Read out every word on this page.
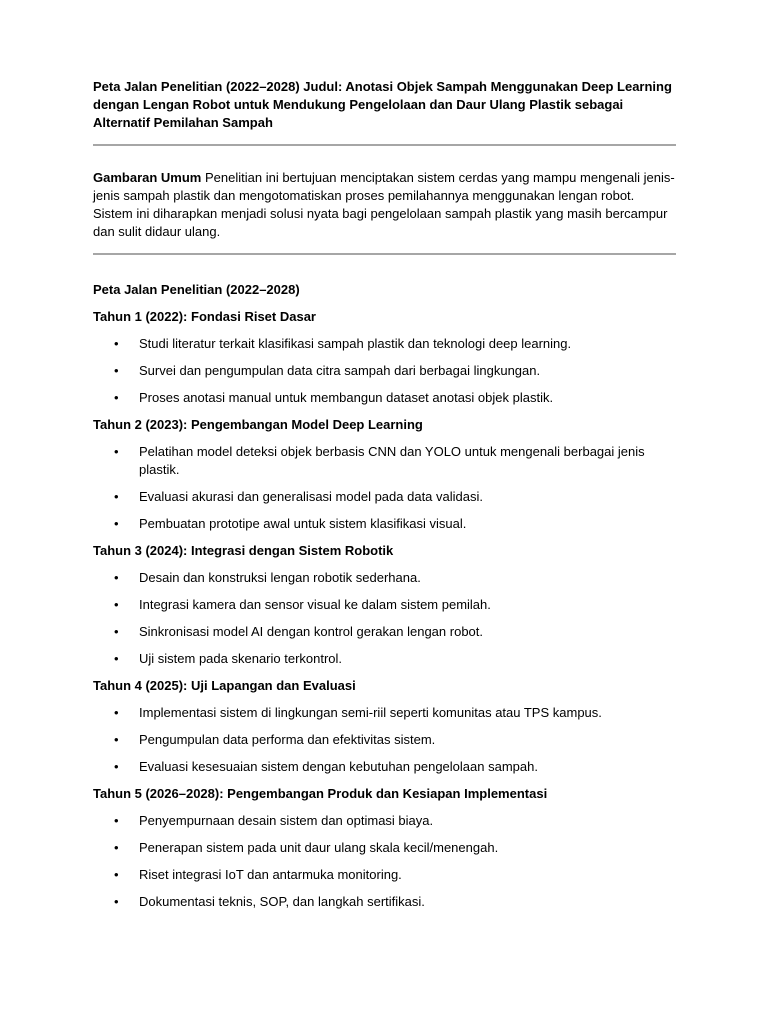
Peta Jalan Penelitian (2022–2028) Judul: Anotasi Objek Sampah Menggunakan Deep Learning dengan Lengan Robot untuk Mendukung Pengelolaan dan Daur Ulang Plastik sebagai Alternatif Pemilahan Sampah

Gambaran Umum Penelitian ini bertujuan menciptakan sistem cerdas yang mampu mengenali jenis-jenis sampah plastik dan mengotomatiskan proses pemilahannya menggunakan lengan robot. Sistem ini diharapkan menjadi solusi nyata bagi pengelolaan sampah plastik yang masih bercampur dan sulit didaur ulang.

Peta Jalan Penelitian (2022–2028)

Tahun 1 (2022): Fondasi Riset Dasar

• Studi literatur terkait klasifikasi sampah plastik dan teknologi deep learning.
• Survei dan pengumpulan data citra sampah dari berbagai lingkungan.
• Proses anotasi manual untuk membangun dataset anotasi objek plastik.

Tahun 2 (2023): Pengembangan Model Deep Learning

• Pelatihan model deteksi objek berbasis CNN dan YOLO untuk mengenali berbagai jenis plastik.
• Evaluasi akurasi dan generalisasi model pada data validasi.
• Pembuatan prototipe awal untuk sistem klasifikasi visual.

Tahun 3 (2024): Integrasi dengan Sistem Robotik

• Desain dan konstruksi lengan robotik sederhana.
• Integrasi kamera dan sensor visual ke dalam sistem pemilah.
• Sinkronisasi model AI dengan kontrol gerakan lengan robot.
• Uji sistem pada skenario terkontrol.

Tahun 4 (2025): Uji Lapangan dan Evaluasi

• Implementasi sistem di lingkungan semi-riil seperti komunitas atau TPS kampus.
• Pengumpulan data performa dan efektivitas sistem.
• Evaluasi kesesuaian sistem dengan kebutuhan pengelolaan sampah.

Tahun 5 (2026–2028): Pengembangan Produk dan Kesiapan Implementasi

• Penyempurnaan desain sistem dan optimasi biaya.
• Penerapan sistem pada unit daur ulang skala kecil/menengah.
• Riset integrasi IoT dan antarmuka monitoring.
• Dokumentasi teknis, SOP, dan langkah sertifikasi.
